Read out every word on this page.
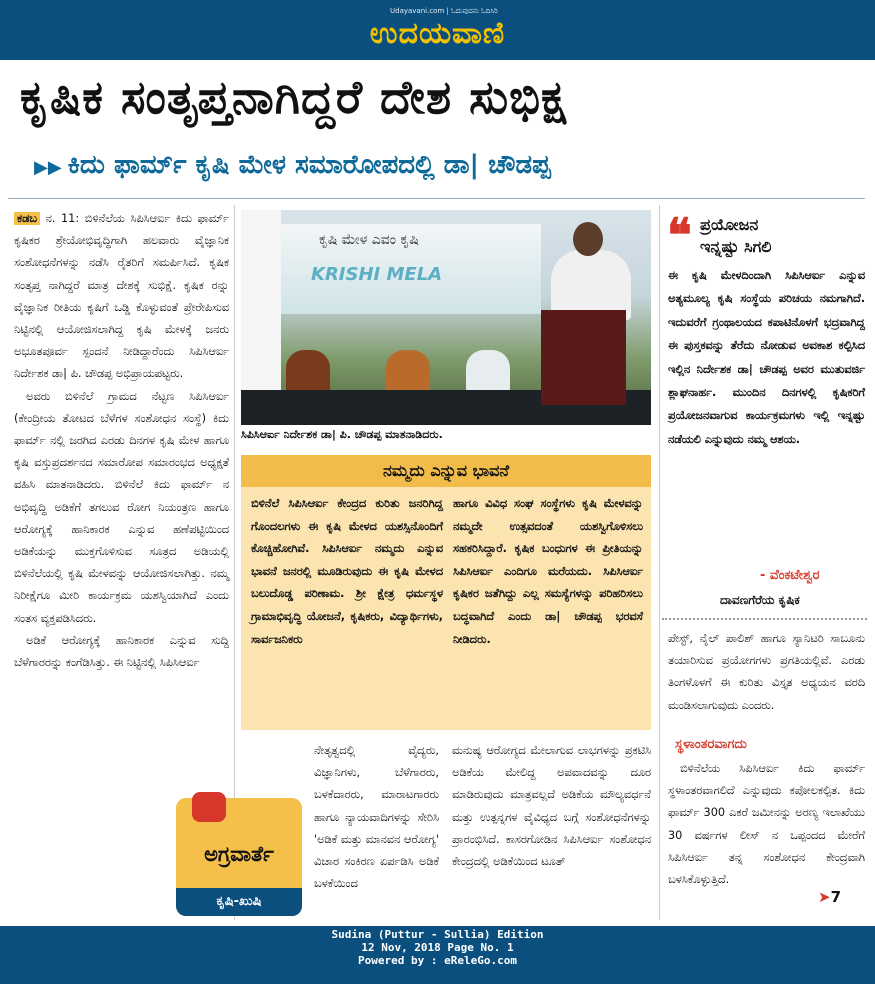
Udayavani.com | ಓದುವುದನು ಓದಿಸಿರಿ
ಉದಯವಾಣಿ
ಕೃಷಿಕ ಸಂತೃಪ್ತನಾಗಿದ್ದರೆ ದೇಶ ಸುಭಿಕ್ಷ
▶▶ ಕಿದು ಫಾರ್ಮ್ ಕೃಷಿ ಮೇಳ ಸಮಾರೋಪದಲ್ಲಿ ಡಾ| ಚೌಡಪ್ಪ

ಕಡಬ ನ. 11: ಬಿಳಿನೆಲೆಯ ಸಿಪಿಸಿಆರ್ಐ ಕಿದು ಫಾರ್ಮ್ ಕೃಷಿಕರ ಶ್ರೇಯೋಭಿವೃದ್ಧಿಗಾಗಿ ಹಲವಾರು ವೈಜ್ಞಾನಿಕ ಸಂಶೋಧನೆಗಳನ್ನು ನಡೆಸಿ ರೈತರಿಗೆ ಸಮರ್ಪಿಸಿದೆ. ಕೃಷಿಕ ಸಂತೃಪ್ತ ನಾಗಿದ್ದರೆ ಮಾತ್ರ ದೇಶಕ್ಕೆ ಸುಭಿಕ್ಷೆ. ಕೃಷಿಕ ರನ್ನು ವೈಜ್ಞಾನಿಕ ರೀತಿಯ ಕೃಷಿಗೆ ಒಡ್ಡಿ ಕೊಳ್ಳುವಂತೆ ಪ್ರೇರೇಪಿಸುವ ನಿಟ್ಟಿನಲ್ಲಿ ಆಯೋಜಿಸಲಾಗಿದ್ದ ಕೃಷಿ ಮೇಳಕ್ಕೆ ಜನರು ಅಭೂತಪೂರ್ವ ಸ್ಪಂದನೆ ನೀಡಿದ್ದಾರೆಂದು ಸಿಪಿಸಿಆರ್ಐ ನಿರ್ದೇಶಕ ಡಾ| ಪಿ. ಚೌಡಪ್ಪ ಅಭಿಪ್ರಾಯಪಟ್ಟರು.

ಅವರು ಬಿಳಿನೆಲೆ ಗ್ರಾಮದ ನೆಟ್ಟಣ ಸಿಪಿಸಿಆರ್ಐ (ಕೇಂದ್ರೀಯ ತೋಟದ ಬೆಳೆಗಳ ಸಂಶೋಧನ ಸಂಸ್ಥೆ) ಕಿದು ಫಾರ್ಮ್ ನಲ್ಲಿ ಜರಗಿದ ಎರಡು ದಿನಗಳ ಕೃಷಿ ಮೇಳ ಹಾಗೂ ಕೃಷಿ ವಸ್ತುಪ್ರದರ್ಶನದ ಸಮಾರೋಪ ಸಮಾರಂಭದ ಅಧ್ಯಕ್ಷತೆ ವಹಿಸಿ ಮಾತನಾಡಿದರು. ಬಿಳಿನೆಲೆ ಕಿದು ಫಾರ್ಮ್ ನ ಅಭಿವೃದ್ಧಿ ಅಡಿಕೆಗೆ ತಗಲುವ ರೋಗ ನಿಯಂತ್ರಣ ಹಾಗೂ ಆರೋಗ್ಯಕ್ಕೆ ಹಾನಿಕಾರಕ ಎನ್ನುವ ಹಣೆಪಟ್ಟಿಯಿಂದ ಅಡಿಕೆಯನ್ನು ಮುಕ್ತಗೊಳಿಸುವ ಸೂತ್ರದ ಅಡಿಯಲ್ಲಿ ಬಿಳಿನೆಲೆಯಲ್ಲಿ ಕೃಷಿ ಮೇಳವನ್ನು ಆಯೋಜಿಸಲಾಗಿತ್ತು. ನಮ್ಮ ನಿರೀಕ್ಷೆಗೂ ಮೀರಿ ಕಾರ್ಯಕ್ರಮ ಯಶಸ್ವಿಯಾಗಿದೆ ಎಂದು ಸಂತಸ ವ್ಯಕ್ತಪಡಿಸಿದರು.

ಅಡಿಕೆ ಆರೋಗ್ಯಕ್ಕೆ ಹಾನಿಕಾರಕ ಎನ್ನುವ ಸುದ್ದಿ ಬೆಳೆಗಾರರನ್ನು ಕಂಗೆಡಿಸಿತ್ತು. ಈ ನಿಟ್ಟಿನಲ್ಲಿ ಸಿಪಿಸಿಆರ್ಐ

ಕೃಷಿ ಮೇಳ ಎವಂ ಕೃಷಿ
KRISHI MELA
ಸಿಪಿಸಿಆರ್ಐ ನಿರ್ದೇಶಕ ಡಾ| ಪಿ. ಚೌಡಪ್ಪ ಮಾತನಾಡಿದರು.
ನಮ್ಮದು ಎನ್ನುವ ಭಾವನೆ
ಬಿಳಿನೆಲೆ ಸಿಪಿಸಿಆರ್ಐ ಕೇಂದ್ರದ ಕುರಿತು ಜನರಿಗಿದ್ದ ಗೊಂದಲಗಳು ಈ ಕೃಷಿ ಮೇಳದ ಯಶಸ್ಸಿನೊಂದಿಗೆ ಕೊಚ್ಚಿಹೋಗಿವೆ. ಸಿಪಿಸಿಆರ್ಐ ನಮ್ಮದು ಎನ್ನುವ ಭಾವನೆ ಜನರಲ್ಲಿ ಮೂಡಿರುವುದು ಈ ಕೃಷಿ ಮೇಳದ ಬಲುದೊಡ್ಡ ಪರಿಣಾಮ. ಶ್ರೀ ಕ್ಷೇತ್ರ ಧರ್ಮಸ್ಥಳ ಗ್ರಾಮಾಭಿವೃದ್ಧಿ ಯೋಜನೆ, ಕೃಷಿಕರು, ವಿದ್ಯಾರ್ಥಿಗಳು, ಸಾರ್ವಜನಿಕರು
ಹಾಗೂ ವಿವಿಧ ಸಂಘ ಸಂಸ್ಥೆಗಳು ಕೃಷಿ ಮೇಳವನ್ನು ನಮ್ಮದೇ ಉತ್ಸವದಂತೆ ಯಶಸ್ವಿಗೊಳಿಸಲು ಸಹಕರಿಸಿದ್ದಾರೆ. ಕೃಷಿಕ ಬಂಧುಗಳ ಈ ಪ್ರೀತಿಯನ್ನು ಸಿಪಿಸಿಆರ್ಐ ಎಂದಿಗೂ ಮರೆಯದು. ಸಿಪಿಸಿಆರ್ಐ ಕೃಷಿಕರ ಜತೆಗಿದ್ದು ಎಲ್ಲ ಸಮಸ್ಯೆಗಳನ್ನು ಪರಿಹರಿಸಲು ಬದ್ಧವಾಗಿದೆ ಎಂದು ಡಾ| ಚೌಡಪ್ಪ ಭರವಸೆ ನೀಡಿದರು.
ನೇತೃತ್ವದಲ್ಲಿ ವೈದ್ಯರು, ವಿಜ್ಞಾನಿಗಳು, ಬೆಳೆಗಾರರು, ಬಳಕೆದಾರರು, ಮಾರಾಟಗಾರರು ಹಾಗೂ ನ್ಯಾಯವಾದಿಗಳನ್ನು ಸೇರಿಸಿ 'ಅಡಿಕೆ ಮತ್ತು ಮಾನವನ ಆರೋಗ್ಯ' ವಿಚಾರ ಸಂಕಿರಣ ಏರ್ಪಡಿಸಿ ಅಡಿಕೆ ಬಳಕೆಯಿಂದ
ಮನುಷ್ಯ ಆರೋಗ್ಯದ ಮೇಲಾಗುವ ಲಾಭಗಳನ್ನು ಪ್ರಕಟಿಸಿ ಅಡಿಕೆಯ ಮೇಲಿದ್ದ ಅಪವಾದವನ್ನು ದೂರ ಮಾಡಿರುವುದು ಮಾತ್ರವಲ್ಲದೆ ಅಡಿಕೆಯ ಮೌಲ್ಯವರ್ಧನೆ ಮತ್ತು ಉತ್ಪನ್ನಗಳ ವೈವಿಧ್ಯದ ಬಗ್ಗೆ ಸಂಶೋಧನೆಗಳನ್ನು ಪ್ರಾರಂಭಿಸಿದೆ. ಕಾಸರಗೋಡಿನ ಸಿಪಿಸಿಆರ್ಐ ಸಂಶೋಧನ ಕೇಂದ್ರದಲ್ಲಿ ಅಡಿಕೆಯಿಂದ ಟೂತ್
ಅಗ್ರವಾರ್ತೆ
ಕೃಷಿ-ಖುಷಿ
❝ ಪ್ರಯೋಜನ
ಇನ್ನಷ್ಟು ಸಿಗಲಿ
ಈ ಕೃಷಿ ಮೇಳದಿಂದಾಗಿ ಸಿಪಿಸಿಆರ್ಐ ಎನ್ನುವ ಅತ್ಯಮೂಲ್ಯ ಕೃಷಿ ಸಂಸ್ಥೆಯ ಪರಿಚಯ ನಮಗಾಗಿದೆ. ಇದುವರೆಗೆ ಗ್ರಂಥಾಲಯದ ಕಪಾಟಿನೊಳಗೆ ಭದ್ರವಾಗಿದ್ದ ಈ ಪುಸ್ತಕವನ್ನು ತೆರೆದು ನೋಡುವ ಅವಕಾಶ ಕಲ್ಪಿಸಿದ ಇಲ್ಲಿನ ನಿರ್ದೇಶಕ ಡಾ| ಚೌಡಪ್ಪ ಅವರ ಮುತುವರ್ಜಿ ಶ್ಲಾಘನಾರ್ಹ. ಮುಂದಿನ ದಿನಗಳಲ್ಲಿ ಕೃಷಿಕರಿಗೆ ಪ್ರಯೋಜನವಾಗುವ ಕಾರ್ಯಕ್ರಮಗಳು ಇಲ್ಲಿ ಇನ್ನಷ್ಟು ನಡೆಯಲಿ ಎನ್ನುವುದು ನಮ್ಮ ಆಶಯ.
- ವೆಂಕಟೇಶ್ವರ
ದಾವಣಗೆರೆಯ ಕೃಷಿಕ
ಪೇಸ್ಟ್, ನೈಲ್ ಪಾಲಿಶ್ ಹಾಗೂ ಸ್ಯಾನಿಟರಿ ಸಾಬೂನು ತಯಾರಿಸುವ ಪ್ರಯೋಗಗಳು ಪ್ರಗತಿಯಲ್ಲಿವೆ. ಎರಡು ತಿಂಗಳೊಳಗೆ ಈ ಕುರಿತು ವಿಸ್ತೃತ ಅಧ್ಯಯನ ವರದಿ ಮಂಡಿಸಲಾಗುವುದು ಎಂದರು.
ಸ್ಥಳಾಂತರವಾಗದು
ಬಿಳಿನೆಲೆಯ ಸಿಪಿಸಿಆರ್ಐ ಕಿದು ಫಾರ್ಮ್ ಸ್ಥಳಾಂತರವಾಗಲಿದೆ ಎನ್ನುವುದು ಕಪೋಲಕಲ್ಪಿತ. ಕಿದು ಫಾರ್ಮ್ 300 ಎಕರೆ ಜಮೀನನ್ನು ಅರಣ್ಯ ಇಲಾಖೆಯು 30 ವರ್ಷಗಳ ಲೀಸ್ ನ ಒಪ್ಪಂದದ ಮೇರೆಗೆ ಸಿಪಿಸಿಆರ್ಐ ತನ್ನ ಸಂಶೋಧನ ಕೇಂದ್ರವಾಗಿ ಬಳಸಿಕೊಳ್ಳುತ್ತಿದೆ.
➤7
Sudina (Puttur - Sullia) Edition
12 Nov, 2018 Page No. 1
Powered by : eReleGo.com
